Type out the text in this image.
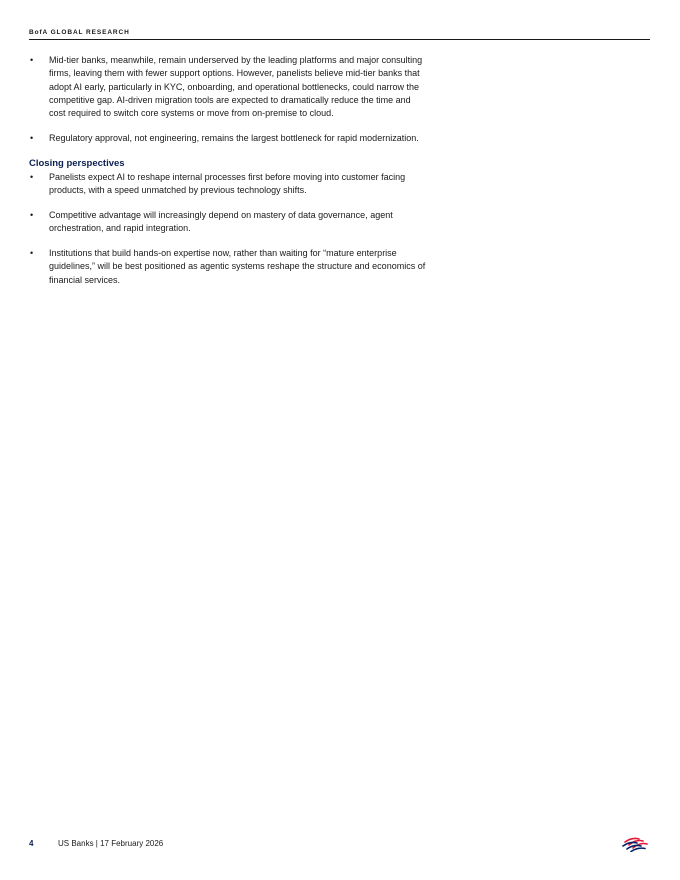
BofA GLOBAL RESEARCH
• Mid-tier banks, meanwhile, remain underserved by the leading platforms and major consulting firms, leaving them with fewer support options. However, panelists believe mid-tier banks that adopt AI early, particularly in KYC, onboarding, and operational bottlenecks, could narrow the competitive gap. AI-driven migration tools are expected to dramatically reduce the time and cost required to switch core systems or move from on-premise to cloud.
• Regulatory approval, not engineering, remains the largest bottleneck for rapid modernization.
Closing perspectives
• Panelists expect AI to reshape internal processes first before moving into customer facing products, with a speed unmatched by previous technology shifts.
• Competitive advantage will increasingly depend on mastery of data governance, agent orchestration, and rapid integration.
• Institutions that build hands-on expertise now, rather than waiting for “mature enterprise guidelines,” will be best positioned as agentic systems reshape the structure and economics of financial services.
4	US Banks | 17 February 2026
